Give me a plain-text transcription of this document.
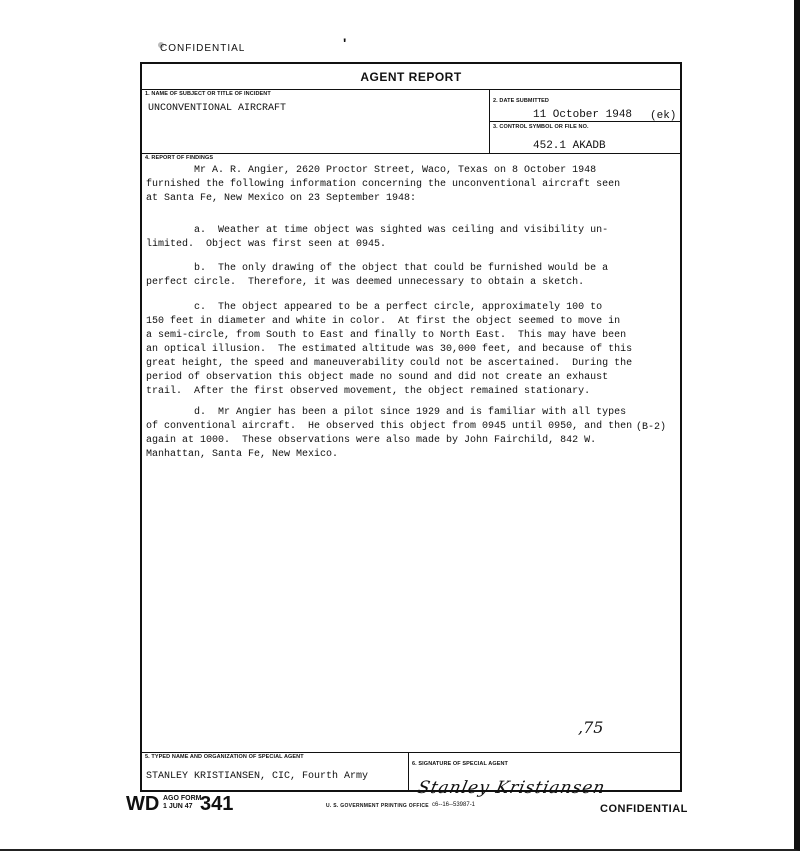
CONFIDENTIAL	'
AGENT REPORT
1. NAME OF SUBJECT OR TITLE OF INCIDENT
UNCONVENTIONAL AIRCRAFT
2. DATE SUBMITTED
11 October 1948 (ek)
3. CONTROL SYMBOL OR FILE NO.
452.1 AKADB
4. REPORT OF FINDINGS
Mr A. R. Angier, 2620 Proctor Street, Waco, Texas on 8 October 1948
furnished the following information concerning the unconventional aircraft seen
at Santa Fe, New Mexico on 23 September 1948:
a.  Weather at time object was sighted was ceiling and visibility un-
limited.  Object was first seen at 0945.
b.  The only drawing of the object that could be furnished would be a
perfect circle.  Therefore, it was deemed unnecessary to obtain a sketch.
c.  The object appeared to be a perfect circle, approximately 100 to
150 feet in diameter and white in color.  At first the object seemed to move in
a semi-circle, from South to East and finally to North East.  This may have been
an optical illusion.  The estimated altitude was 30,000 feet, and because of this
great height, the speed and maneuverability could not be ascertained.  During the
period of observation this object made no sound and did not create an exhaust
trail.  After the first observed movement, the object remained stationary.
d.  Mr Angier has been a pilot since 1929 and is familiar with all types
of conventional aircraft.  He observed this object from 0945 until 0950, and then
again at 1000.  These observations were also made by John Fairchild, 842 W.
Manhattan, Santa Fe, New Mexico.
(B-2)
5. TYPED NAME AND ORGANIZATION OF SPECIAL AGENT
STANLEY KRISTIANSEN, CIC, Fourth Army
6. SIGNATURE OF SPECIAL AGENT
,75
Stanley Kristiansen
WD AGO FORM
1 JUN 47 341	U. S. GOVERNMENT PRINTING OFFICE c6--16--53987-1	CONFIDENTIAL
